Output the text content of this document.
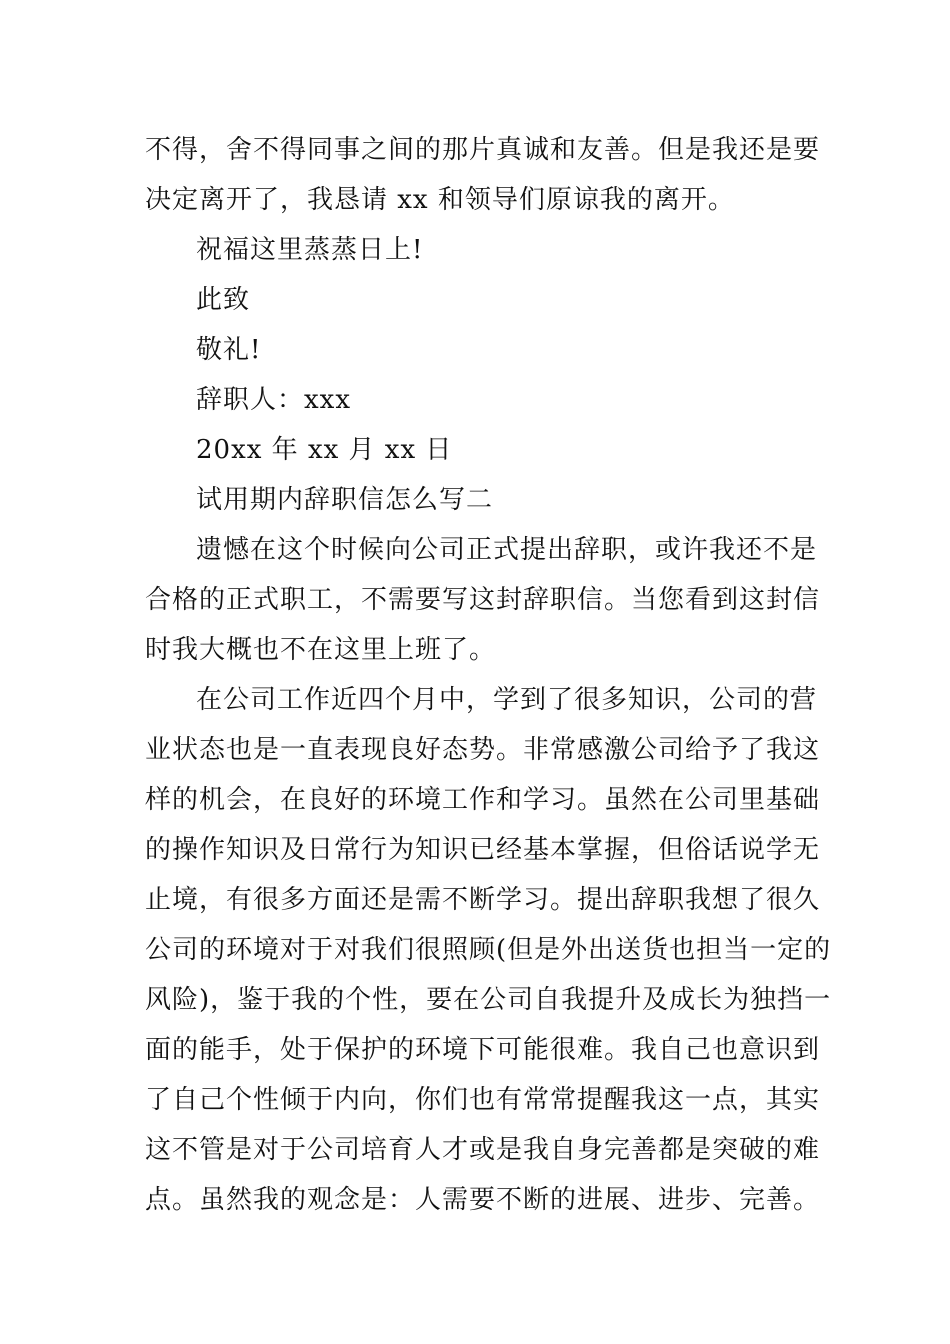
不得，舍不得同事之间的那片真诚和友善。但是我还是要
决定离开了，我恳请 xx 和领导们原谅我的离开。
祝福这里蒸蒸日上!
此致
敬礼!
辞职人：xxx
20xx 年 xx 月 xx 日
试用期内辞职信怎么写二
遗憾在这个时候向公司正式提出辞职，或许我还不是
合格的正式职工，不需要写这封辞职信。当您看到这封信
时我大概也不在这里上班了。
在公司工作近四个月中，学到了很多知识，公司的营
业状态也是一直表现良好态势。非常感激公司给予了我这
样的机会，在良好的环境工作和学习。虽然在公司里基础
的操作知识及日常行为知识已经基本掌握，但俗话说学无
止境，有很多方面还是需不断学习。提出辞职我想了很久
公司的环境对于对我们很照顾(但是外出送货也担当一定的
风险)，鉴于我的个性，要在公司自我提升及成长为独挡一
面的能手，处于保护的环境下可能很难。我自己也意识到
了自己个性倾于内向，你们也有常常提醒我这一点，其实
这不管是对于公司培育人才或是我自身完善都是突破的难
点。虽然我的观念是：人需要不断的进展、进步、完善。
